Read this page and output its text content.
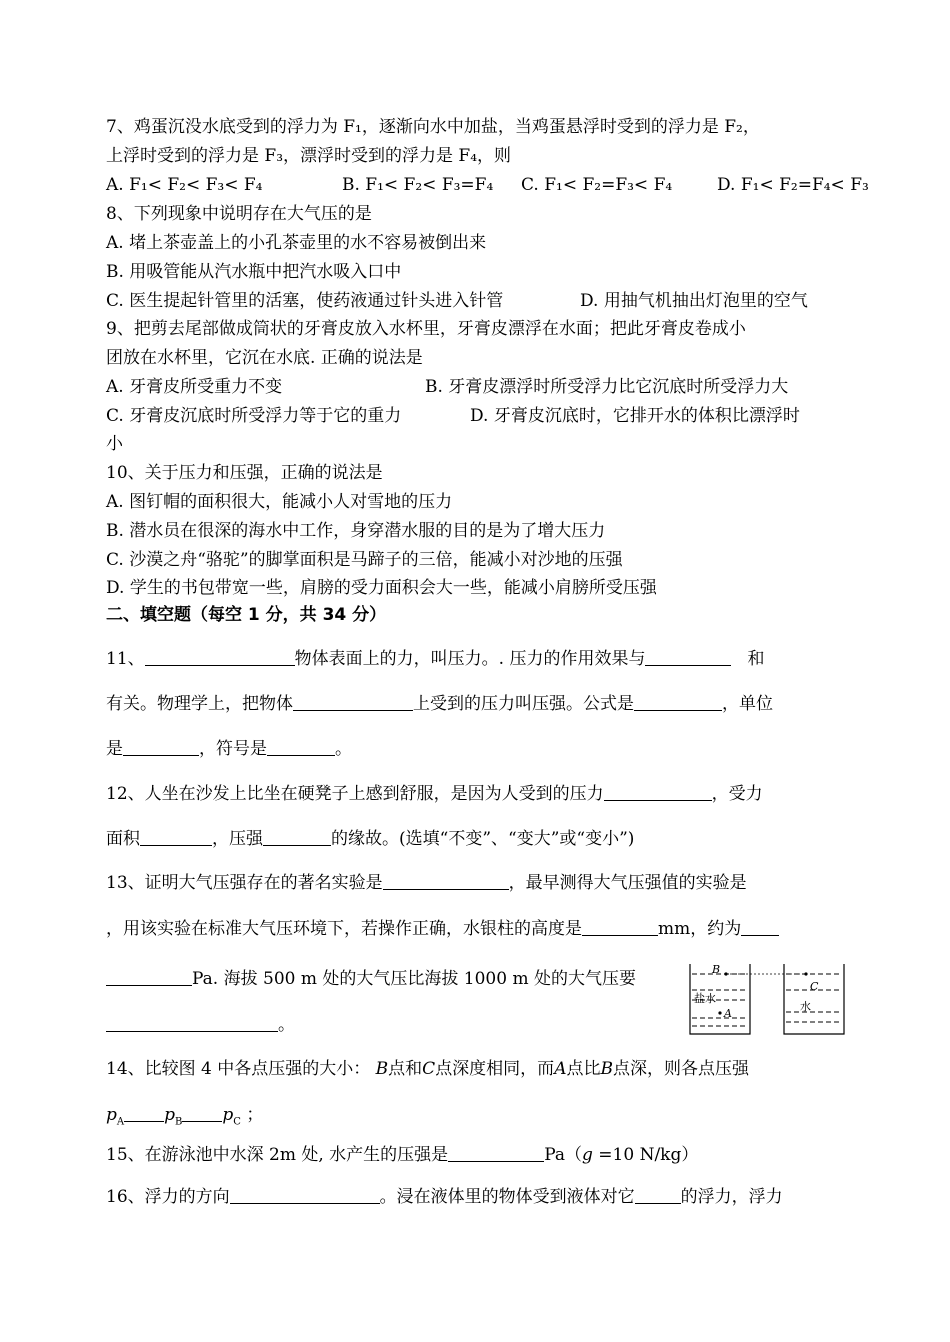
7、鸡蛋沉没水底受到的浮力为 F₁，逐渐向水中加盐，当鸡蛋悬浮时受到的浮力是 F₂，
上浮时受到的浮力是 F₃，漂浮时受到的浮力是 F₄，则
A. F₁< F₂< F₃< F₄	B. F₁< F₂< F₃=F₄ C. F₁< F₂=F₃< F₄	D. F₁< F₂=F₄< F₃
8、下列现象中说明存在大气压的是
A. 堵上茶壶盖上的小孔茶壶里的水不容易被倒出来
B. 用吸管能从汽水瓶中把汽水吸入口中
C. 医生提起针管里的活塞，使药液通过针头进入针管	D. 用抽气机抽出灯泡里的空气
9、把剪去尾部做成筒状的牙膏皮放入水杯里，牙膏皮漂浮在水面；把此牙膏皮卷成小
团放在水杯里，它沉在水底. 正确的说法是
A. 牙膏皮所受重力不变	B. 牙膏皮漂浮时所受浮力比它沉底时所受浮力大
C. 牙膏皮沉底时所受浮力等于它的重力	D. 牙膏皮沉底时，它排开水的体积比漂浮时
小
10、关于压力和压强，正确的说法是
A. 图钉帽的面积很大，能减小人对雪地的压力
B. 潜水员在很深的海水中工作，身穿潜水服的目的是为了增大压力
C. 沙漠之舟“骆驼”的脚掌面积是马蹄子的三倍，能减小对沙地的压强
D. 学生的书包带宽一些，肩膀的受力面积会大一些，能减小肩膀所受压强
二、填空题（每空 1 分，共 34 分）
11、	物体表面上的力，叫压力。. 压力的作用效果与	和
有关。物理学上，把物体	上受到的压力叫压强。公式是	，单位
是	，符号是	。
12、人坐在沙发上比坐在硬凳子上感到舒服，是因为人受到的压力	，受力
面积	，压强	的缘故。(选填“不变”、“变大”或“变小”)
13、证明大气压强存在的著名实验是	，最早测得大气压强值的实验是
，用该实验在标准大气压环境下，若操作正确，水银柱的高度是	mm，约为
Pa. 海拔 500 m 处的大气压比海拔 1000 m 处的大气压要
。
B
C
A
盐水
水
14、比较图 4 中各点压强的大小： B点和C点深度相同，而A点比B点深，则各点压强
$p_A$ $p_B$ $p_C$ ；
15、在游泳池中水深 2m 处, 水产生的压强是	Pa（g =10 N/kg）
16、浮力的方向	。浸在液体里的物体受到液体对它	的浮力，浮力
